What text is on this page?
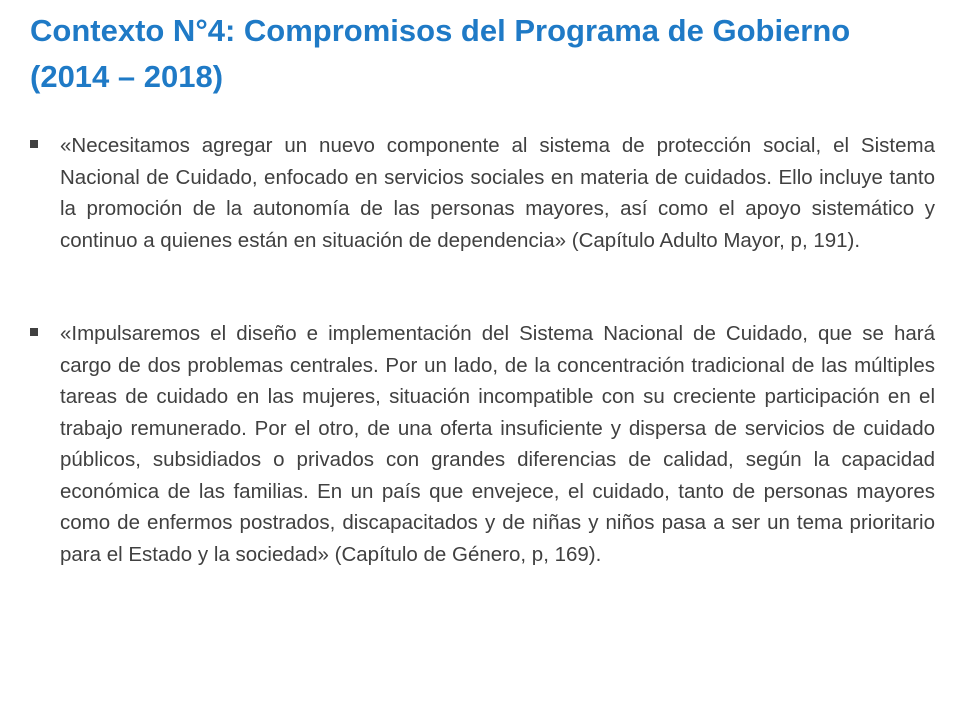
Contexto N°4: Compromisos del Programa de Gobierno (2014 – 2018)
«Necesitamos agregar un nuevo componente al sistema de protección social, el Sistema Nacional de Cuidado, enfocado en servicios sociales en materia de cuidados. Ello incluye tanto la promoción de la autonomía de las personas mayores, así como el apoyo sistemático y continuo a quienes están en situación de dependencia» (Capítulo Adulto Mayor, p, 191).
«Impulsaremos el diseño e implementación del Sistema Nacional de Cuidado, que se hará cargo de dos problemas centrales. Por un lado, de la concentración tradicional de las múltiples tareas de cuidado en las mujeres, situación incompatible con su creciente participación en el trabajo remunerado. Por el otro, de una oferta insuficiente y dispersa de servicios de cuidado públicos, subsidiados o privados con grandes diferencias de calidad, según la capacidad económica de las familias. En un país que envejece, el cuidado, tanto de personas mayores como de enfermos postrados, discapacitados y de niñas y niños pasa a ser un tema prioritario para el Estado y la sociedad» (Capítulo de Género, p, 169).
